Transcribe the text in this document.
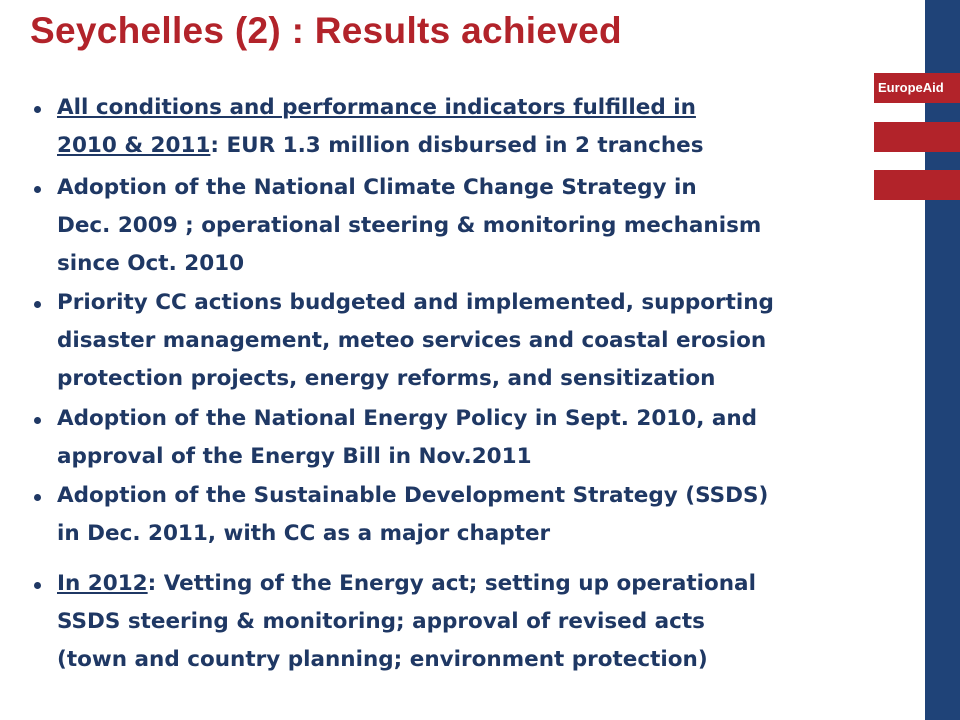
Seychelles (2) : Results achieved
EuropeAid
All conditions and performance indicators fulfilled in
2010 & 2011: EUR 1.3 million disbursed in 2 tranches
Adoption of the National Climate Change Strategy in
Dec. 2009 ; operational steering & monitoring mechanism
since Oct. 2010
Priority CC actions budgeted and implemented, supporting
disaster management, meteo services and coastal erosion
protection projects, energy reforms, and sensitization
Adoption of the National Energy Policy in Sept. 2010, and
approval of the Energy Bill in Nov.2011
Adoption of the Sustainable Development Strategy (SSDS)
in Dec. 2011, with CC as a major chapter
In 2012: Vetting of the Energy act; setting up operational
SSDS steering & monitoring; approval of revised acts
(town and country planning; environment protection)
